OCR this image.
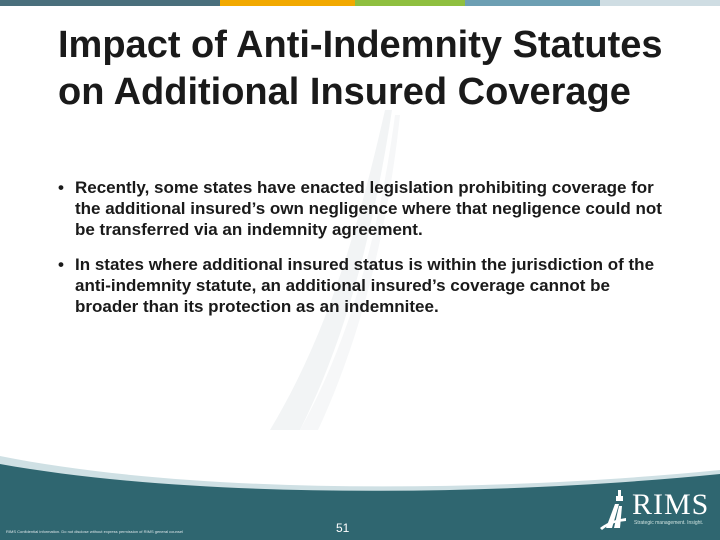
Impact of Anti-Indemnity Statutes on Additional Insured Coverage
• Recently, some states have enacted legislation prohibiting coverage for the additional insured’s own negligence where that negligence could not be transferred via an indemnity agreement.
• In states where additional insured status is within the jurisdiction of the anti-indemnity statute, an additional insured’s coverage cannot be broader than its protection as an indemnitee.
RIMS Confidential information. Do not disclose without express permission of RIMS general counsel	51
RIMS
Strategic management. Insight.
